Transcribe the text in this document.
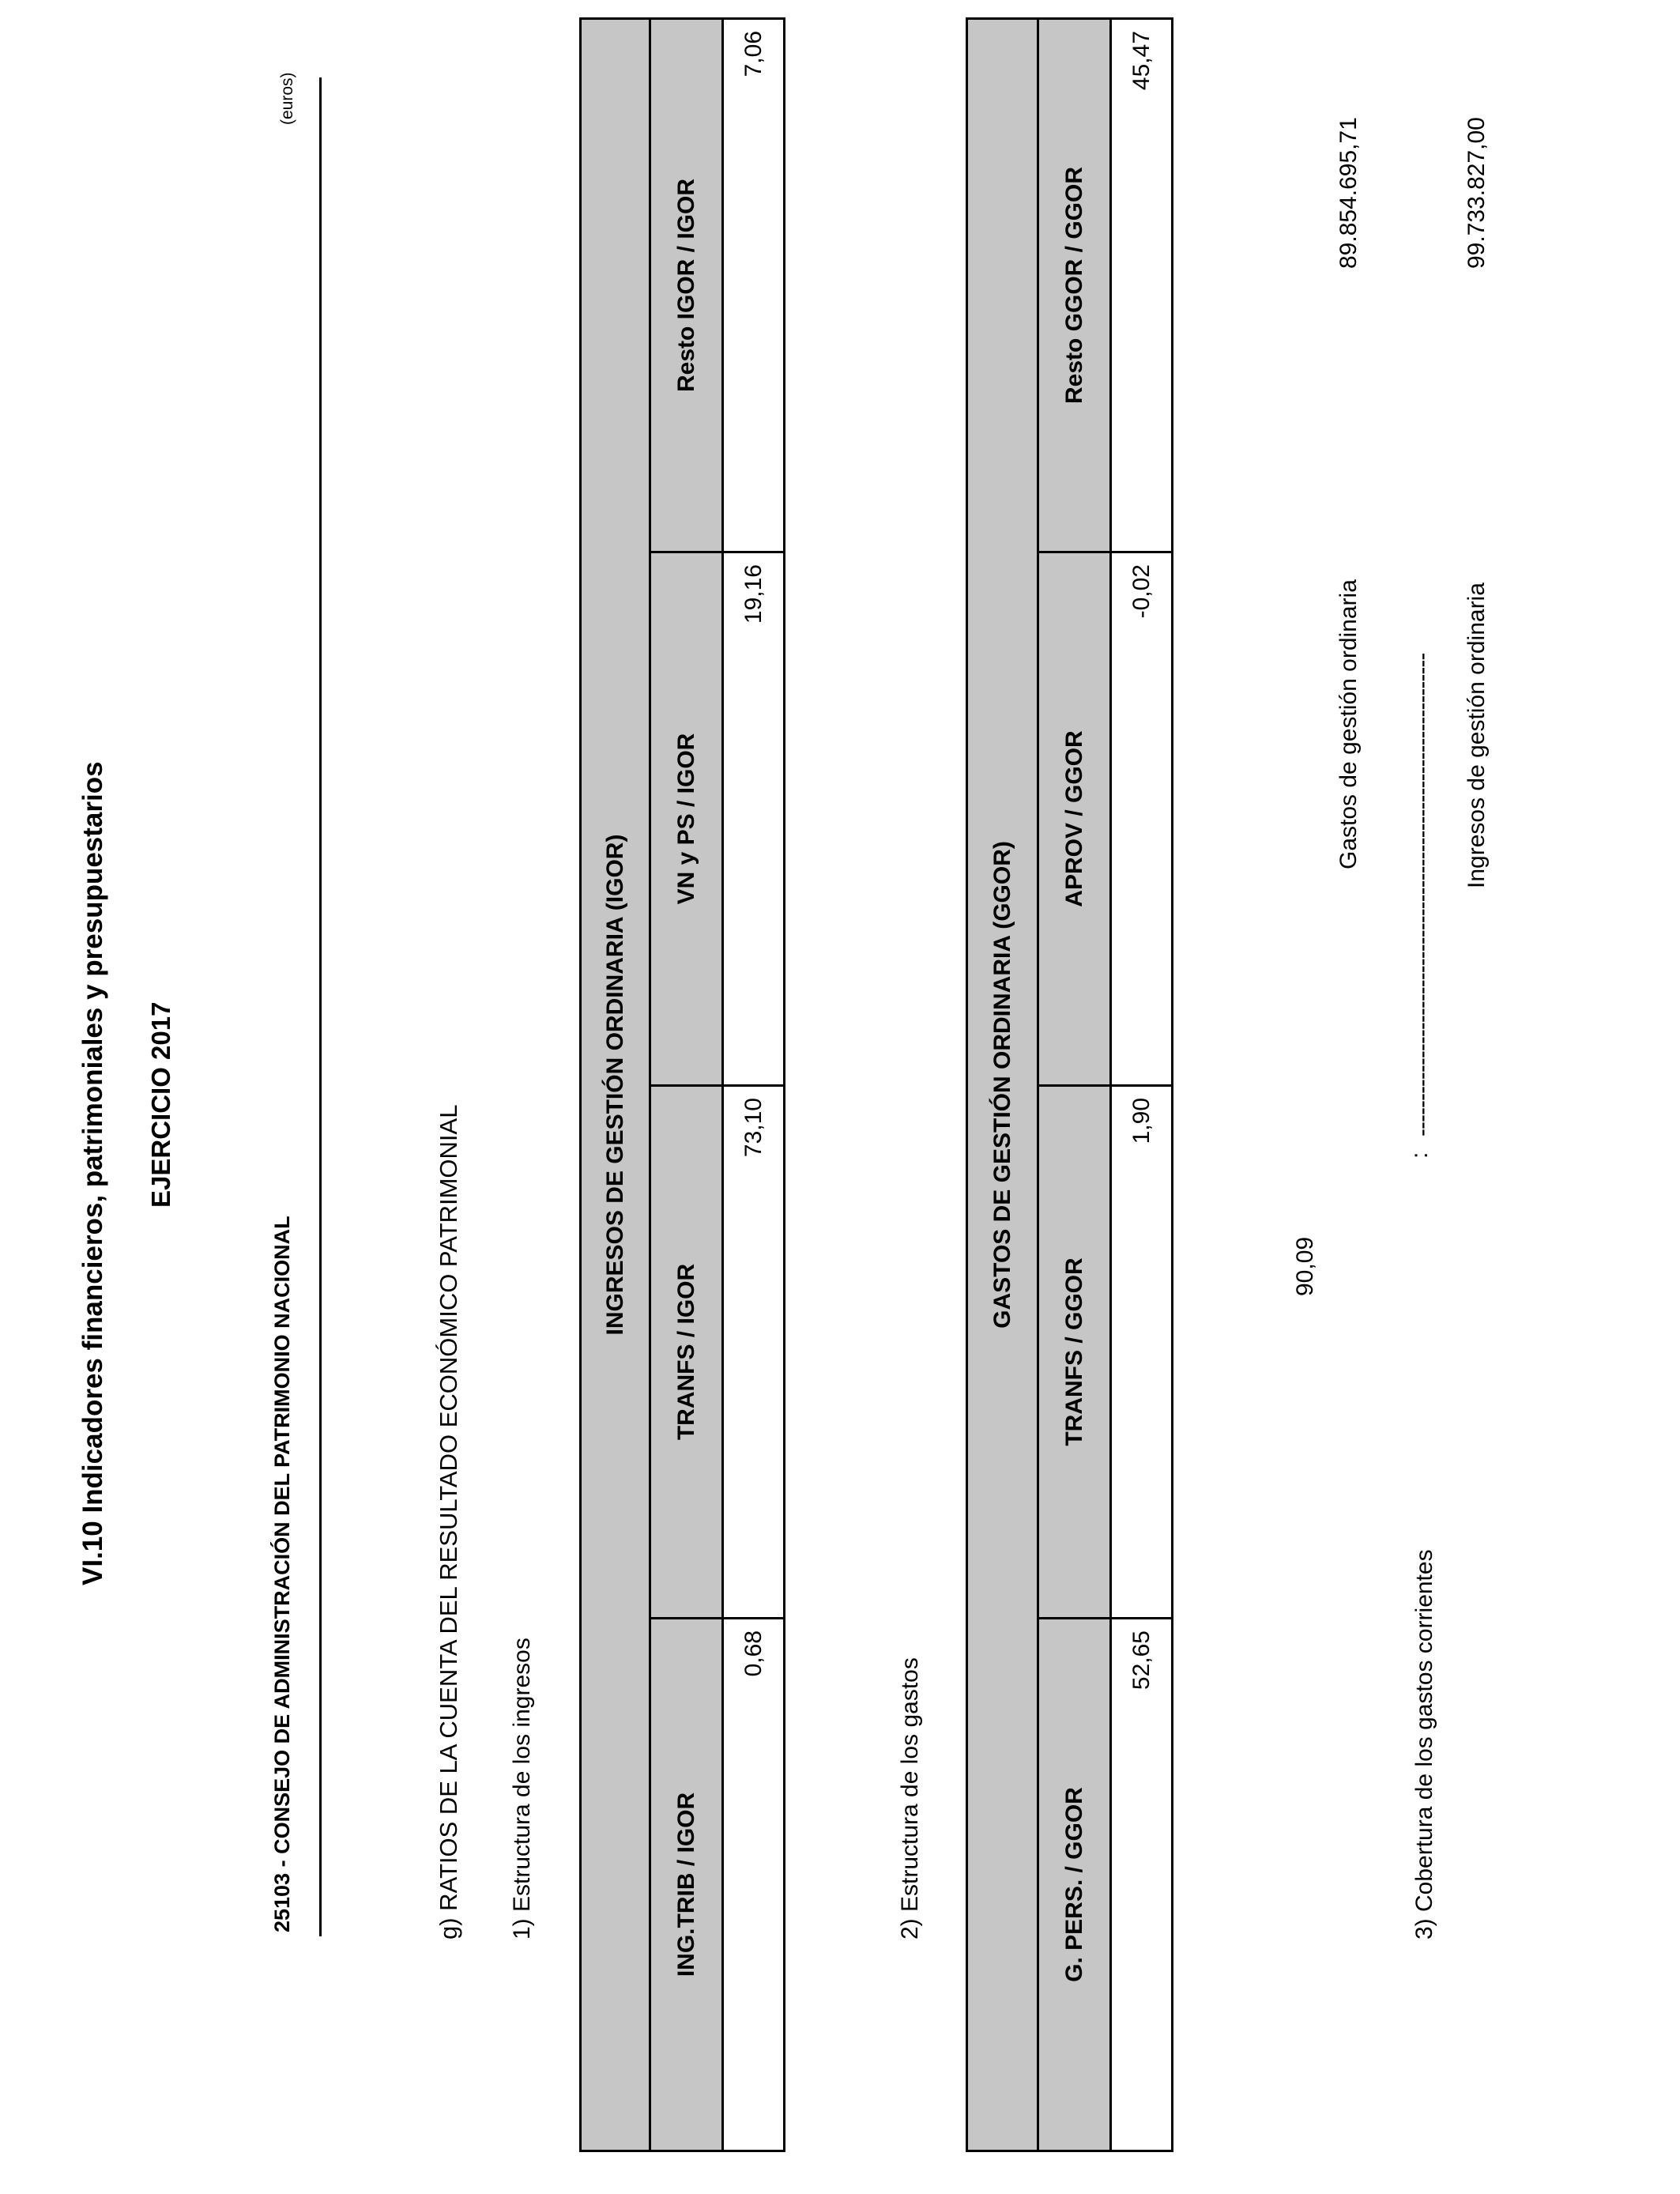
VI.10 Indicadores financieros, patrimoniales y presupuestarios EJERCICIO 2017
25103 - CONSEJO DE ADMINISTRACIÓN DEL PATRIMONIO NACIONAL
(euros)
g) RATIOS DE LA CUENTA DEL RESULTADO ECONÓMICO PATRIMONIAL 1) Estructura de los ingresos
INGRESOS DE GESTIÓN ORDINARIA (IGOR)			
ING.TRIB / IGOR	TRANFS / IGOR	VN y PS / IGOR	Resto IGOR / IGOR
0,68	73,10	19,16	7,06
2) Estructura de los gastos
GASTOS DE GESTIÓN ORDINARIA (GGOR)			
G. PERS. / GGOR	TRANFS / GGOR	APROV / GGOR	Resto GGOR / GGOR
52,65	1,90	-0,02	45,47
3) Cobertura de los gastos corrientes
90,09
:
Gastos de gestión ordinaria
89.854.695,71
-------------------------------------------------------------------- Ingresos de gestión ordinaria
99.733.827,00
